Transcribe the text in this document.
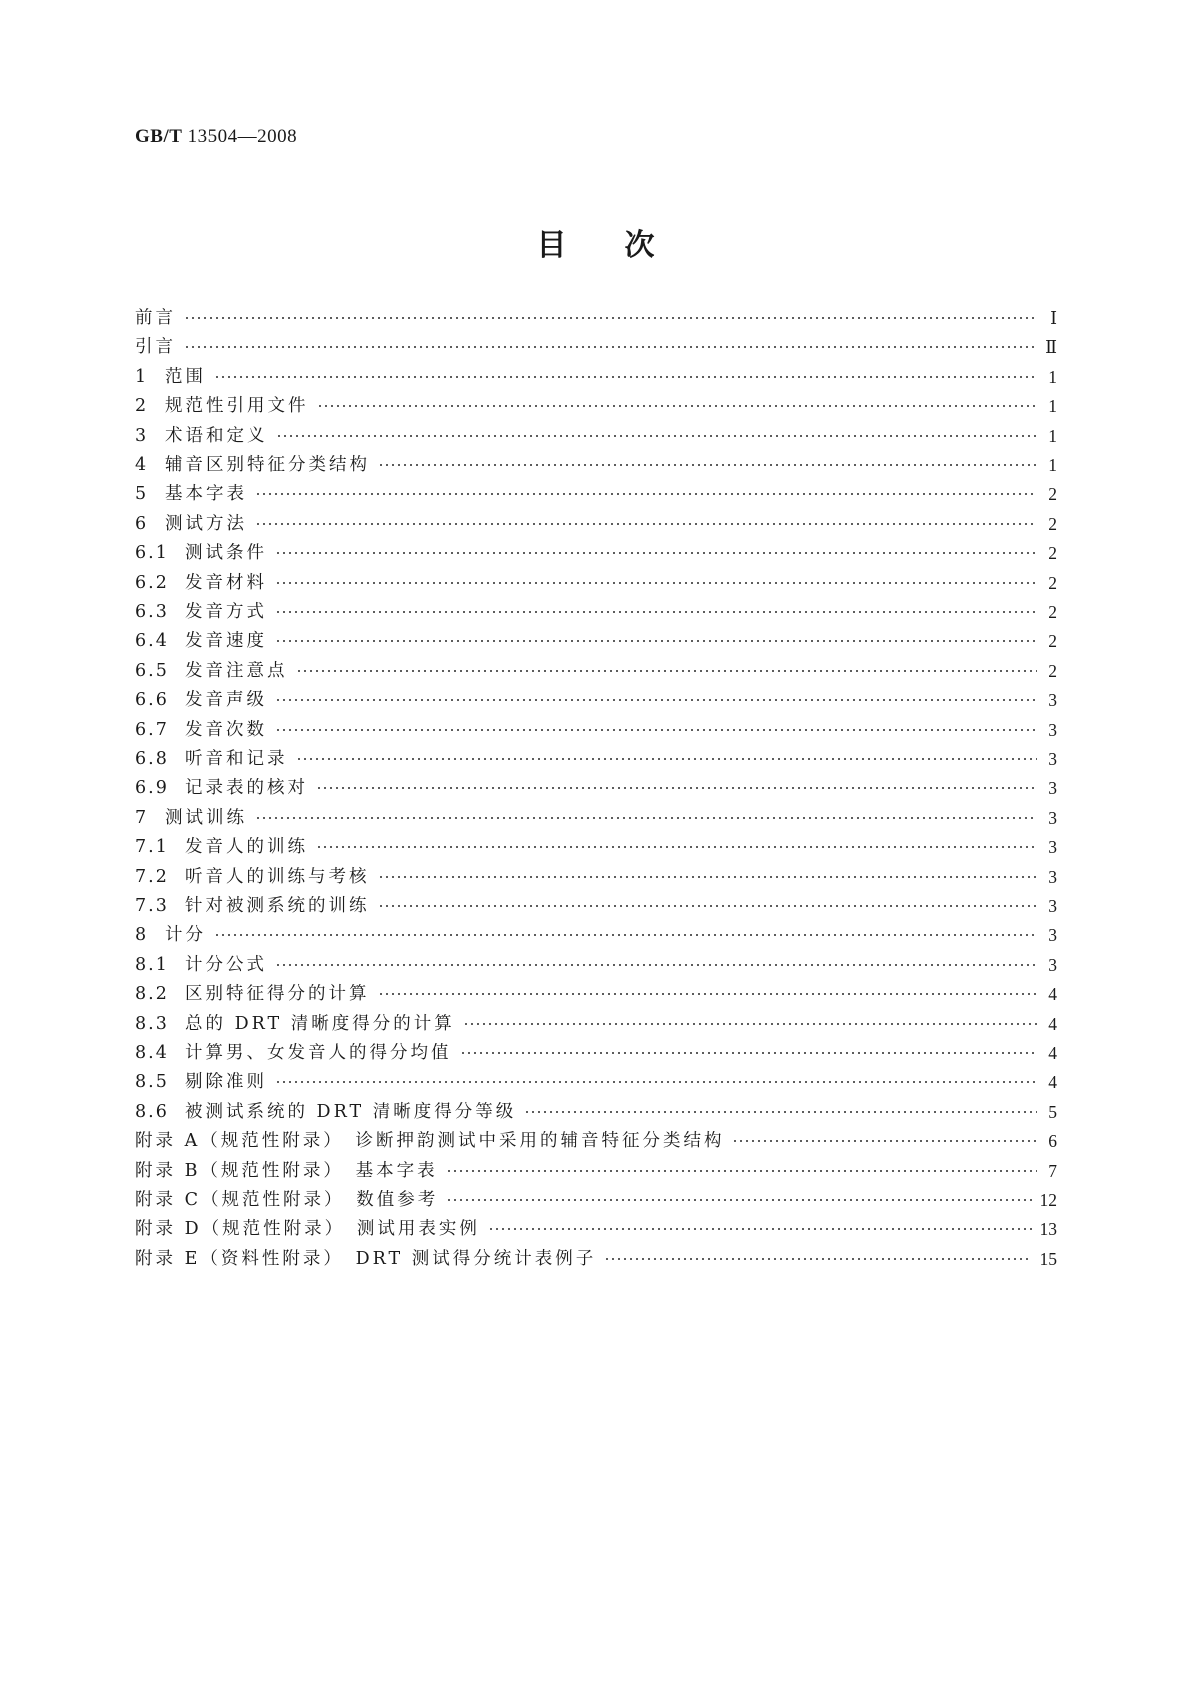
GB/T 13504—2008
目 次
前言	Ⅰ
引言	Ⅱ
1 范围	1
2 规范性引用文件	1
3 术语和定义	1
4 辅音区别特征分类结构	1
5 基本字表	2
6 测试方法	2
6.1 测试条件	2
6.2 发音材料	2
6.3 发音方式	2
6.4 发音速度	2
6.5 发音注意点	2
6.6 发音声级	3
6.7 发音次数	3
6.8 听音和记录	3
6.9 记录表的核对	3
7 测试训练	3
7.1 发音人的训练	3
7.2 听音人的训练与考核	3
7.3 针对被测系统的训练	3
8 计分	3
8.1 计分公式	3
8.2 区别特征得分的计算	4
8.3 总的 DRT 清晰度得分的计算	4
8.4 计算男、女发音人的得分均值	4
8.5 剔除准则	4
8.6 被测试系统的 DRT 清晰度得分等级	5
附录 A（规范性附录）　诊断押韵测试中采用的辅音特征分类结构	6
附录 B（规范性附录）　基本字表	7
附录 C（规范性附录）　数值参考	12
附录 D（规范性附录）　测试用表实例	13
附录 E（资料性附录）　DRT 测试得分统计表例子	15
